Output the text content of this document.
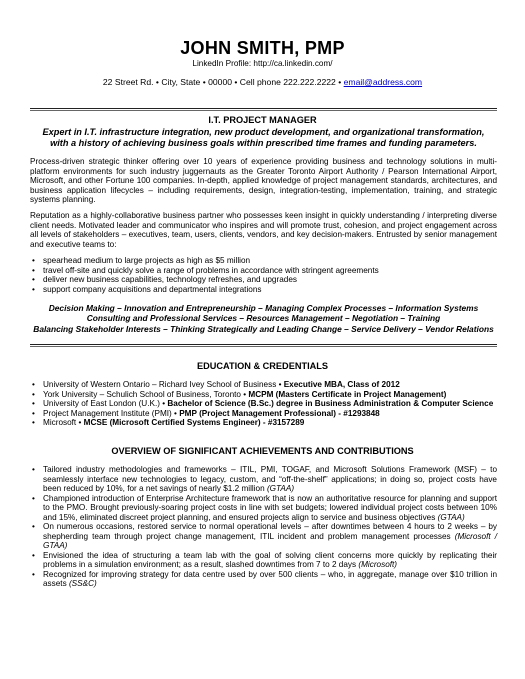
JOHN SMITH, PMP
LinkedIn Profile: http://ca.linkedin.com/
22 Street Rd. • City, State • 00000 • Cell phone 222.222.2222 • email@address.com
I.T. PROJECT MANAGER
Expert in I.T. infrastructure integration, new product development, and organizational transformation,
with a history of achieving business goals within prescribed time frames and funding parameters.
Process-driven strategic thinker offering over 10 years of experience providing business and technology solutions in multi-platform environments for such industry juggernauts as the Greater Toronto Airport Authority / Pearson International Airport, Microsoft, and other Fortune 100 companies. In-depth, applied knowledge of project management standards, architectures, and business application lifecycles – including requirements, design, integration-testing, implementation, training, and strategic systems planning.
Reputation as a highly-collaborative business partner who possesses keen insight in quickly understanding / interpreting diverse client needs. Motivated leader and communicator who inspires and will promote trust, cohesion, and project engagement across all levels of stakeholders – executives, team, users, clients, vendors, and key decision-makers. Entrusted by senior management and executive teams to:
• spearhead medium to large projects as high as $5 million
• travel off-site and quickly solve a range of problems in accordance with stringent agreements
• deliver new business capabilities, technology refreshes, and upgrades
• support company acquisitions and departmental integrations
Decision Making – Innovation and Entrepreneurship – Managing Complex Processes – Information Systems
Consulting and Professional Services – Resources Management – Negotiation – Training
Balancing Stakeholder Interests – Thinking Strategically and Leading Change – Service Delivery – Vendor Relations
EDUCATION & CREDENTIALS
• University of Western Ontario – Richard Ivey School of Business • Executive MBA, Class of 2012
• York University – Schulich School of Business, Toronto • MCPM (Masters Certificate in Project Management)
• University of East London (U.K.) • Bachelor of Science (B.Sc.) degree in Business Administration & Computer Science
• Project Management Institute (PMI) • PMP (Project Management Professional) - #1293848
• Microsoft • MCSE (Microsoft Certified Systems Engineer) - #3157289
OVERVIEW OF SIGNIFICANT ACHIEVEMENTS AND CONTRIBUTIONS
• Tailored industry methodologies and frameworks – ITIL, PMI, TOGAF, and Microsoft Solutions Framework (MSF) – to seamlessly interface new technologies to legacy, custom, and “off-the-shelf” applications; in doing so, project costs have been reduced by 10%, for a net savings of nearly $1.2 million (GTAA)
• Championed introduction of Enterprise Architecture framework that is now an authoritative resource for planning and support to the PMO. Brought previously-soaring project costs in line with set budgets; lowered individual project costs between 10% and 15%, eliminated discreet project planning, and ensured projects align to service and business objectives (GTAA)
• On numerous occasions, restored service to normal operational levels – after downtimes between 4 hours to 2 weeks – by shepherding team through project change management, ITIL incident and problem management processes (Microsoft / GTAA)
• Envisioned the idea of structuring a team lab with the goal of solving client concerns more quickly by replicating their problems in a simulation environment; as a result, slashed downtimes from 7 to 2 days (Microsoft)
• Recognized for improving strategy for data centre used by over 500 clients – who, in aggregate, manage over $10 trillion in assets (SS&C)
